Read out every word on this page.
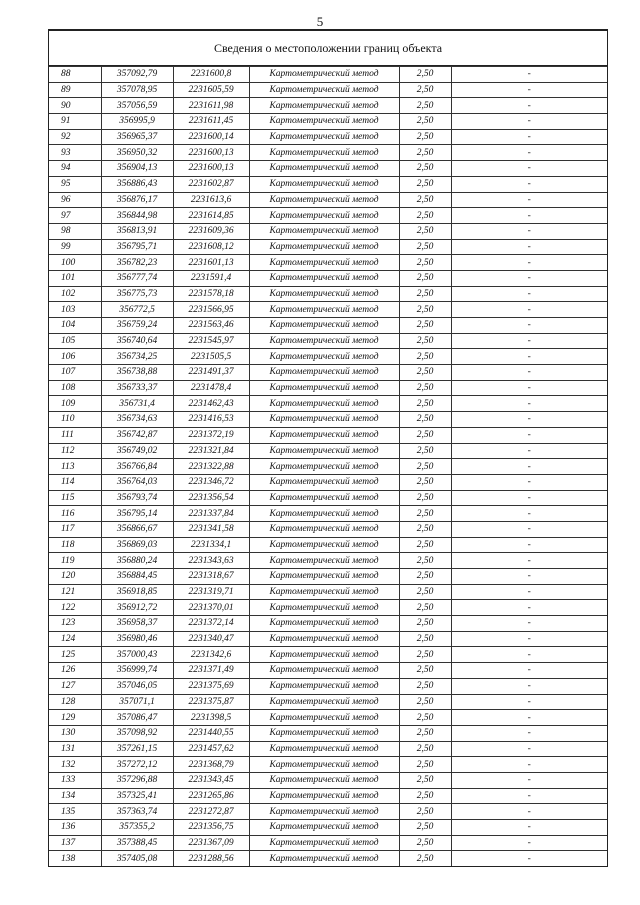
5
Сведения о местоположении границ объекта
88	357092,79	2231600,8	Картометрический метод	2,50	-
89	357078,95	2231605,59	Картометрический метод	2,50	-
90	357056,59	2231611,98	Картометрический метод	2,50	-
91	356995,9	2231611,45	Картометрический метод	2,50	-
92	356965,37	2231600,14	Картометрический метод	2,50	-
93	356950,32	2231600,13	Картометрический метод	2,50	-
94	356904,13	2231600,13	Картометрический метод	2,50	-
95	356886,43	2231602,87	Картометрический метод	2,50	-
96	356876,17	2231613,6	Картометрический метод	2,50	-
97	356844,98	2231614,85	Картометрический метод	2,50	-
98	356813,91	2231609,36	Картометрический метод	2,50	-
99	356795,71	2231608,12	Картометрический метод	2,50	-
100	356782,23	2231601,13	Картометрический метод	2,50	-
101	356777,74	2231591,4	Картометрический метод	2,50	-
102	356775,73	2231578,18	Картометрический метод	2,50	-
103	356772,5	2231566,95	Картометрический метод	2,50	-
104	356759,24	2231563,46	Картометрический метод	2,50	-
105	356740,64	2231545,97	Картометрический метод	2,50	-
106	356734,25	2231505,5	Картометрический метод	2,50	-
107	356738,88	2231491,37	Картометрический метод	2,50	-
108	356733,37	2231478,4	Картометрический метод	2,50	-
109	356731,4	2231462,43	Картометрический метод	2,50	-
110	356734,63	2231416,53	Картометрический метод	2,50	-
111	356742,87	2231372,19	Картометрический метод	2,50	-
112	356749,02	2231321,84	Картометрический метод	2,50	-
113	356766,84	2231322,88	Картометрический метод	2,50	-
114	356764,03	2231346,72	Картометрический метод	2,50	-
115	356793,74	2231356,54	Картометрический метод	2,50	-
116	356795,14	2231337,84	Картометрический метод	2,50	-
117	356866,67	2231341,58	Картометрический метод	2,50	-
118	356869,03	2231334,1	Картометрический метод	2,50	-
119	356880,24	2231343,63	Картометрический метод	2,50	-
120	356884,45	2231318,67	Картометрический метод	2,50	-
121	356918,85	2231319,71	Картометрический метод	2,50	-
122	356912,72	2231370,01	Картометрический метод	2,50	-
123	356958,37	2231372,14	Картометрический метод	2,50	-
124	356980,46	2231340,47	Картометрический метод	2,50	-
125	357000,43	2231342,6	Картометрический метод	2,50	-
126	356999,74	2231371,49	Картометрический метод	2,50	-
127	357046,05	2231375,69	Картометрический метод	2,50	-
128	357071,1	2231375,87	Картометрический метод	2,50	-
129	357086,47	2231398,5	Картометрический метод	2,50	-
130	357098,92	2231440,55	Картометрический метод	2,50	-
131	357261,15	2231457,62	Картометрический метод	2,50	-
132	357272,12	2231368,79	Картометрический метод	2,50	-
133	357296,88	2231343,45	Картометрический метод	2,50	-
134	357325,41	2231265,86	Картометрический метод	2,50	-
135	357363,74	2231272,87	Картометрический метод	2,50	-
136	357355,2	2231356,75	Картометрический метод	2,50	-
137	357388,45	2231367,09	Картометрический метод	2,50	-
138	357405,08	2231288,56	Картометрический метод	2,50	-
